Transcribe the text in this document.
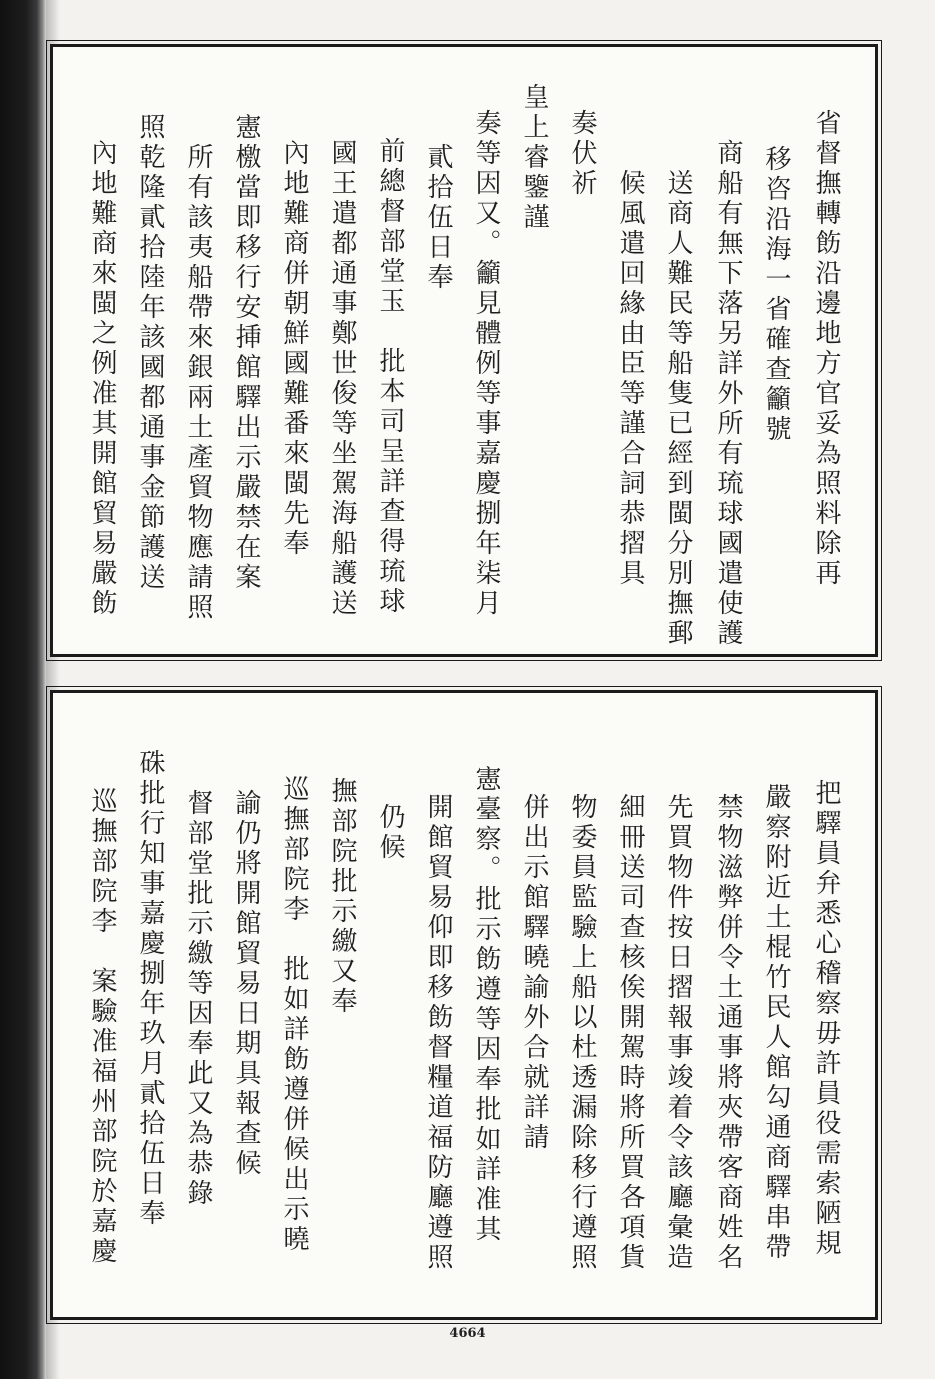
省督撫轉飭沿邊地方官妥為照料除再
移咨沿海一省確查籲號
商船有無下落另詳外所有琉球國遣使護
送商人難民等船隻已經到閩分別撫郵
候風遣回緣由臣等謹合詞恭摺具
奏伏祈
皇上睿鑒謹
奏等因又。籲見體例等事嘉慶捌年柒月
貳拾伍日奉
前總督部堂玉　批本司呈詳查得琉球
國王遣都通事鄭世俊等坐駕海船護送
內地難商併朝鮮國難番來閩先奉
憲檄當即移行安挿館驛出示嚴禁在案
所有該夷船帶來銀兩土產貿物應請照
照乾隆貳拾陸年該國都通事金節護送
內地難商來閩之例准其開館貿易嚴飭
把驛員弁悉心稽察毋許員役需索陋規
嚴察附近土棍竹民人館勾通商驛串帶
禁物滋弊併令土通事將夾帶客商姓名
先買物件按日摺報事竣着令該廳彙造
細冊送司查核俟開駕時將所買各項貨
物委員監驗上船以杜透漏除移行遵照
併出示館驛曉諭外合就詳請
憲臺察。批示飭遵等因奉批如詳准其
開館貿易仰即移飭督糧道福防廳遵照
仍候
撫部院批示繳又奉
巡撫部院李　批如詳飭遵併候出示曉
諭仍將開館貿易日期具報查候
督部堂批示繳等因奉此又為恭錄
硃批行知事嘉慶捌年玖月貳拾伍日奉
巡撫部院李　案驗准福州部院於嘉慶
4664
